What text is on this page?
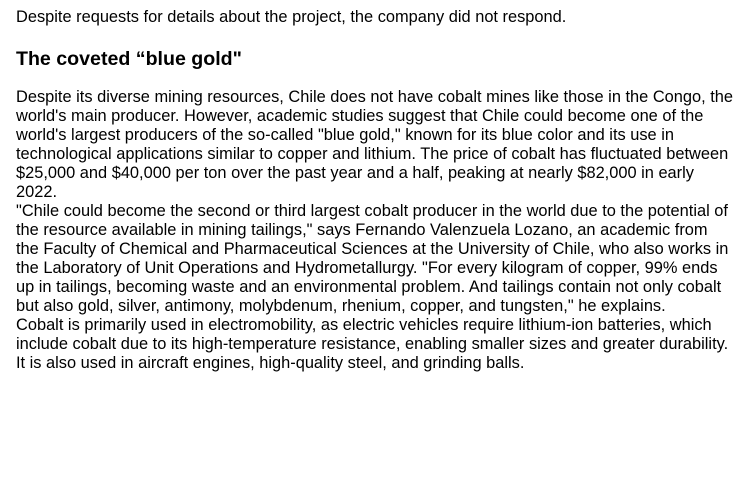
Despite requests for details about the project, the company did not respond.

The coveted “blue gold"

Despite its diverse mining resources, Chile does not have cobalt mines like those in the Congo, the world's main producer. However, academic studies suggest that Chile could become one of the world's largest producers of the so-called "blue gold," known for its blue color and its use in technological applications similar to copper and lithium. The price of cobalt has fluctuated between $25,000 and $40,000 per ton over the past year and a half, peaking at nearly $82,000 in early 2022.

"Chile could become the second or third largest cobalt producer in the world due to the potential of the resource available in mining tailings," says Fernando Valenzuela Lozano, an academic from the Faculty of Chemical and Pharmaceutical Sciences at the University of Chile, who also works in the Laboratory of Unit Operations and Hydrometallurgy. "For every kilogram of copper, 99% ends up in tailings, becoming waste and an environmental problem. And tailings contain not only cobalt but also gold, silver, antimony, molybdenum, rhenium, copper, and tungsten," he explains.

Cobalt is primarily used in electromobility, as electric vehicles require lithium-ion batteries, which include cobalt due to its high-temperature resistance, enabling smaller sizes and greater durability. It is also used in aircraft engines, high-quality steel, and grinding balls.
